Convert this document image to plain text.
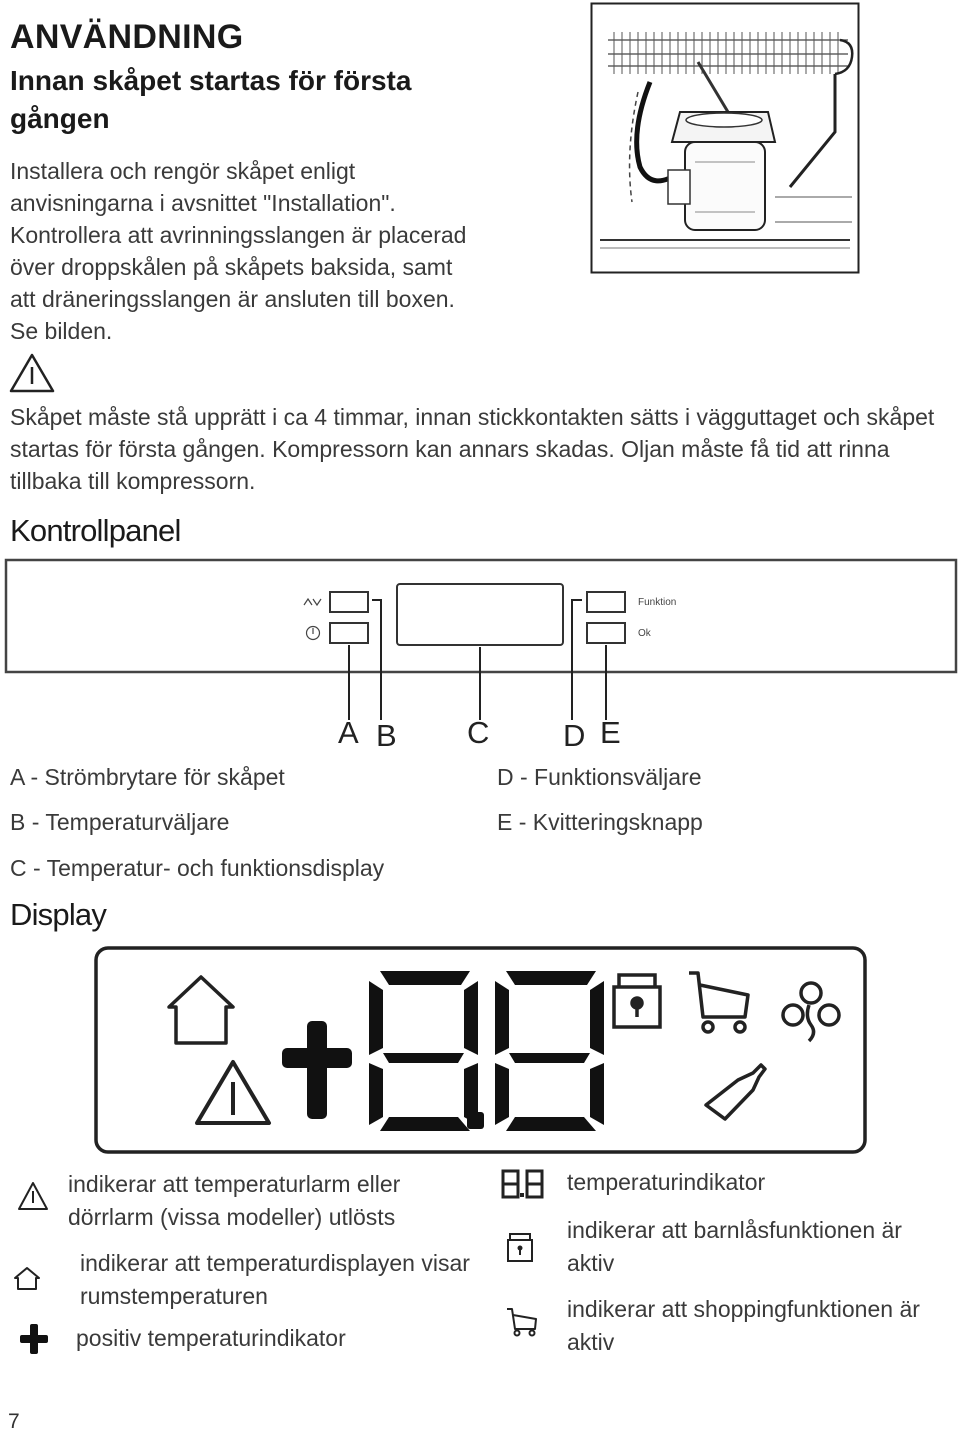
ANVÄNDNING
Innan skåpet startas för första gången
Installera och rengör skåpet enligt anvisningarna i avsnittet "Installation". Kontrollera att avrinningsslangen är placerad över droppskålen på skåpets baksida, samt att dräneringsslangen är ansluten till boxen. Se bilden.
Skåpet måste stå upprätt i ca 4 timmar, innan stickkontakten sätts i vägguttaget och skåpet startas för första gången. Kompressorn kan annars skadas. Oljan måste få tid att rinna tillbaka till kompressorn.
Kontrollpanel
Funktion
Ok
A B C D E
A - Strömbrytare för skåpet
B - Temperaturväljare
C - Temperatur- och funktionsdisplay
D - Funktionsväljare
E - Kvitteringsknapp
Display
indikerar att temperaturlarm eller dörrlarm (vissa modeller) utlösts
indikerar att temperaturdisplayen visar rumstemperaturen
positiv temperaturindikator
temperaturindikator
indikerar att barnlåsfunktionen är aktiv
indikerar att shoppingfunktionen är aktiv
7
